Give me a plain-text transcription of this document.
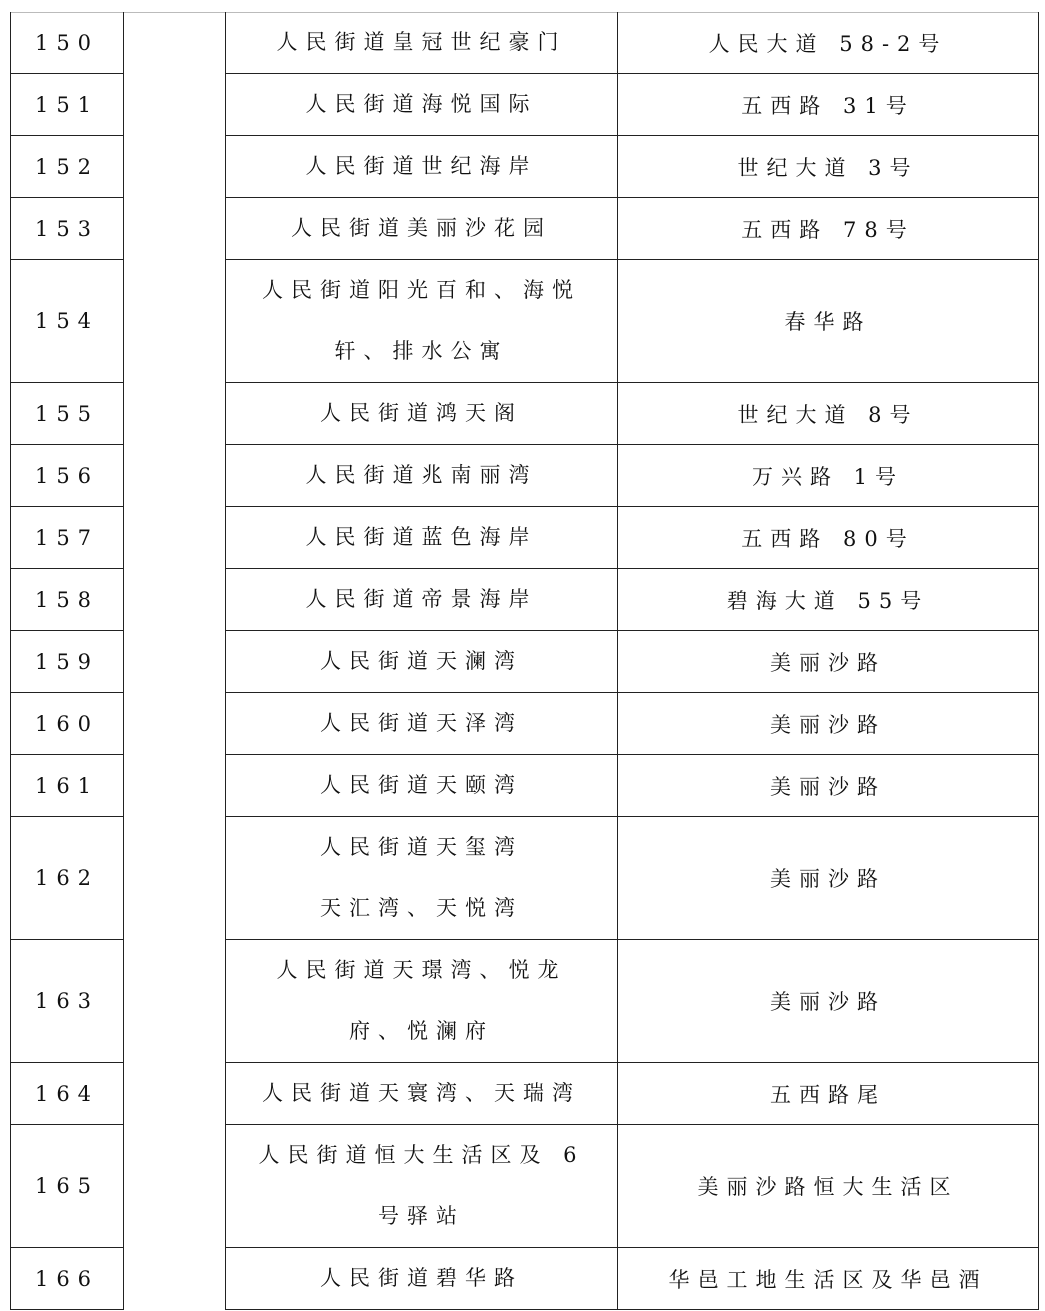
150		人民街道皇冠世纪豪门	人民大道 58-2号
151		人民街道海悦国际	五西路 31号
152		人民街道世纪海岸	世纪大道 3号
153		人民街道美丽沙花园	五西路 78号
154		人民街道阳光百和、海悦
轩、排水公寓	春华路
155		人民街道鸿天阁	世纪大道 8号
156		人民街道兆南丽湾	万兴路 1号
157		人民街道蓝色海岸	五西路 80号
158		人民街道帝景海岸	碧海大道 55号
159		人民街道天澜湾	美丽沙路
160		人民街道天泽湾	美丽沙路
161		人民街道天颐湾	美丽沙路
162		人民街道天玺湾
天汇湾、天悦湾	美丽沙路
163		人民街道天璟湾、悦龙
府、悦澜府	美丽沙路
164		人民街道天寰湾、天瑞湾	五西路尾
165		人民街道恒大生活区及 6
号驿站	美丽沙路恒大生活区
166		人民街道碧华路	华邑工地生活区及华邑酒
